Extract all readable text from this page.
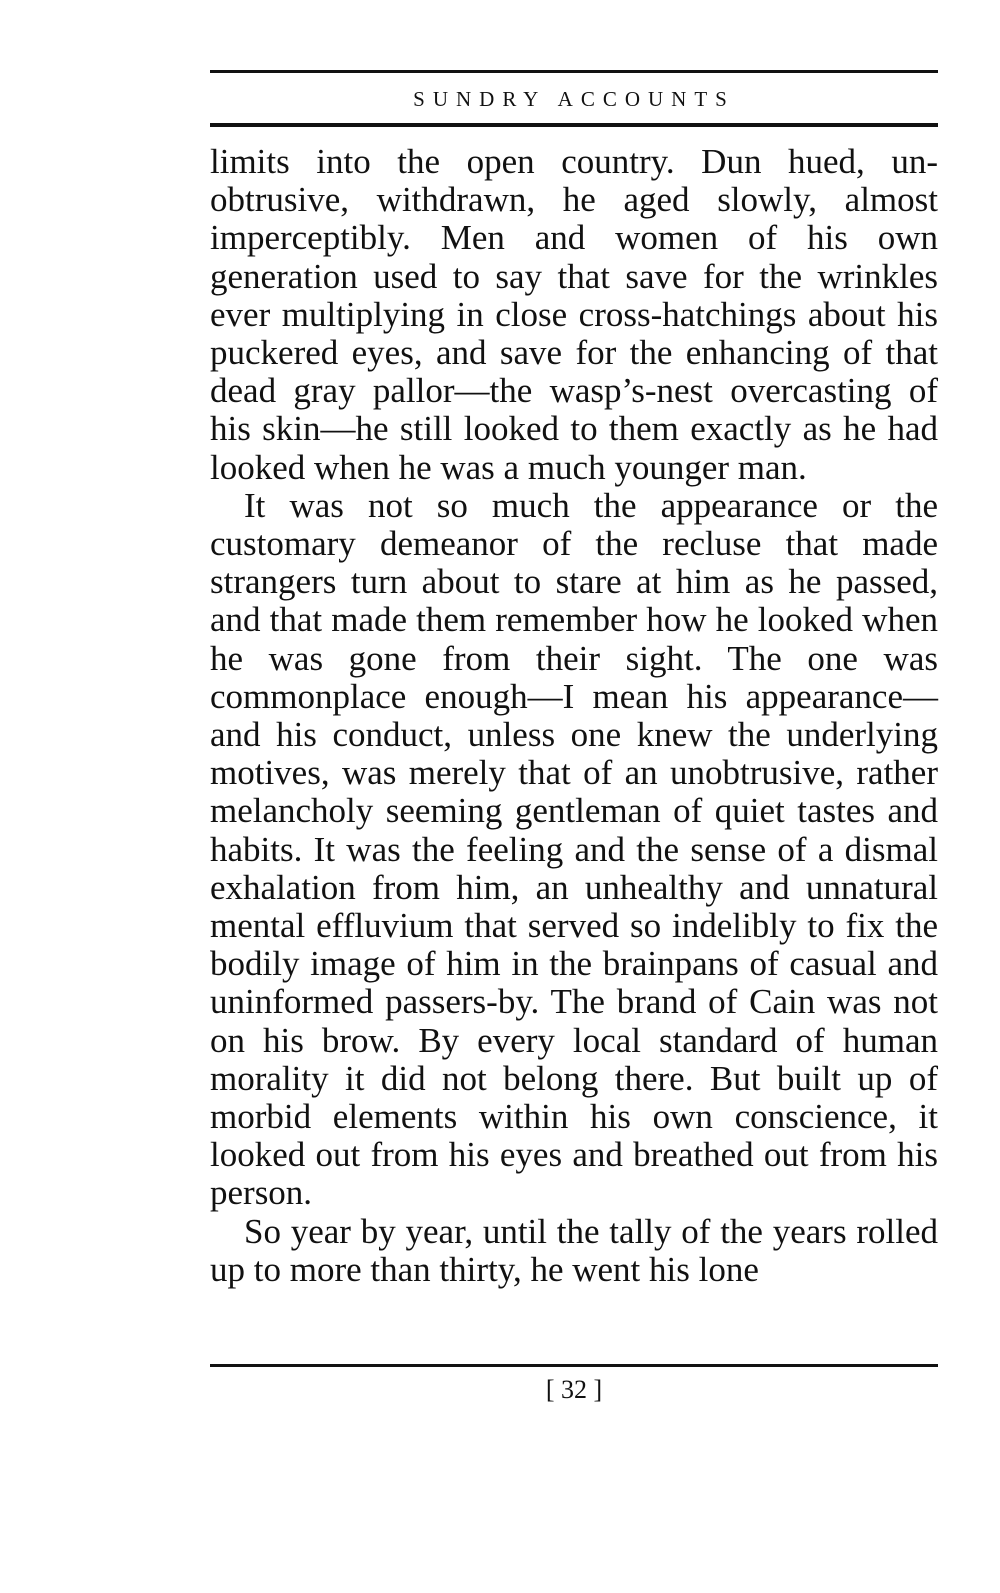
SUNDRY ACCOUNTS

limits into the open country. Dun hued, unobtrusive, withdrawn, he aged slowly, almost imperceptibly. Men and women of his own generation used to say that save for the wrinkles ever multiplying in close cross-hatchings about his puckered eyes, and save for the enhancing of that dead gray pallor—the wasp’s-nest overcasting of his skin—he still looked to them exactly as he had looked when he was a much younger man.

It was not so much the appearance or the customary demeanor of the recluse that made strangers turn about to stare at him as he passed, and that made them remember how he looked when he was gone from their sight. The one was commonplace enough—I mean his appearance—and his conduct, unless one knew the underlying motives, was merely that of an unobtrusive, rather melancholy seeming gentleman of quiet tastes and habits. It was the feeling and the sense of a dismal exhalation from him, an unhealthy and unnatural mental effluvium that served so indelibly to fix the bodily image of him in the brainpans of casual and uninformed passers-by. The brand of Cain was not on his brow. By every local standard of human morality it did not belong there. But built up of morbid elements within his own conscience, it looked out from his eyes and breathed out from his person.

So year by year, until the tally of the years rolled up to more than thirty, he went his lone

[ 32 ]
